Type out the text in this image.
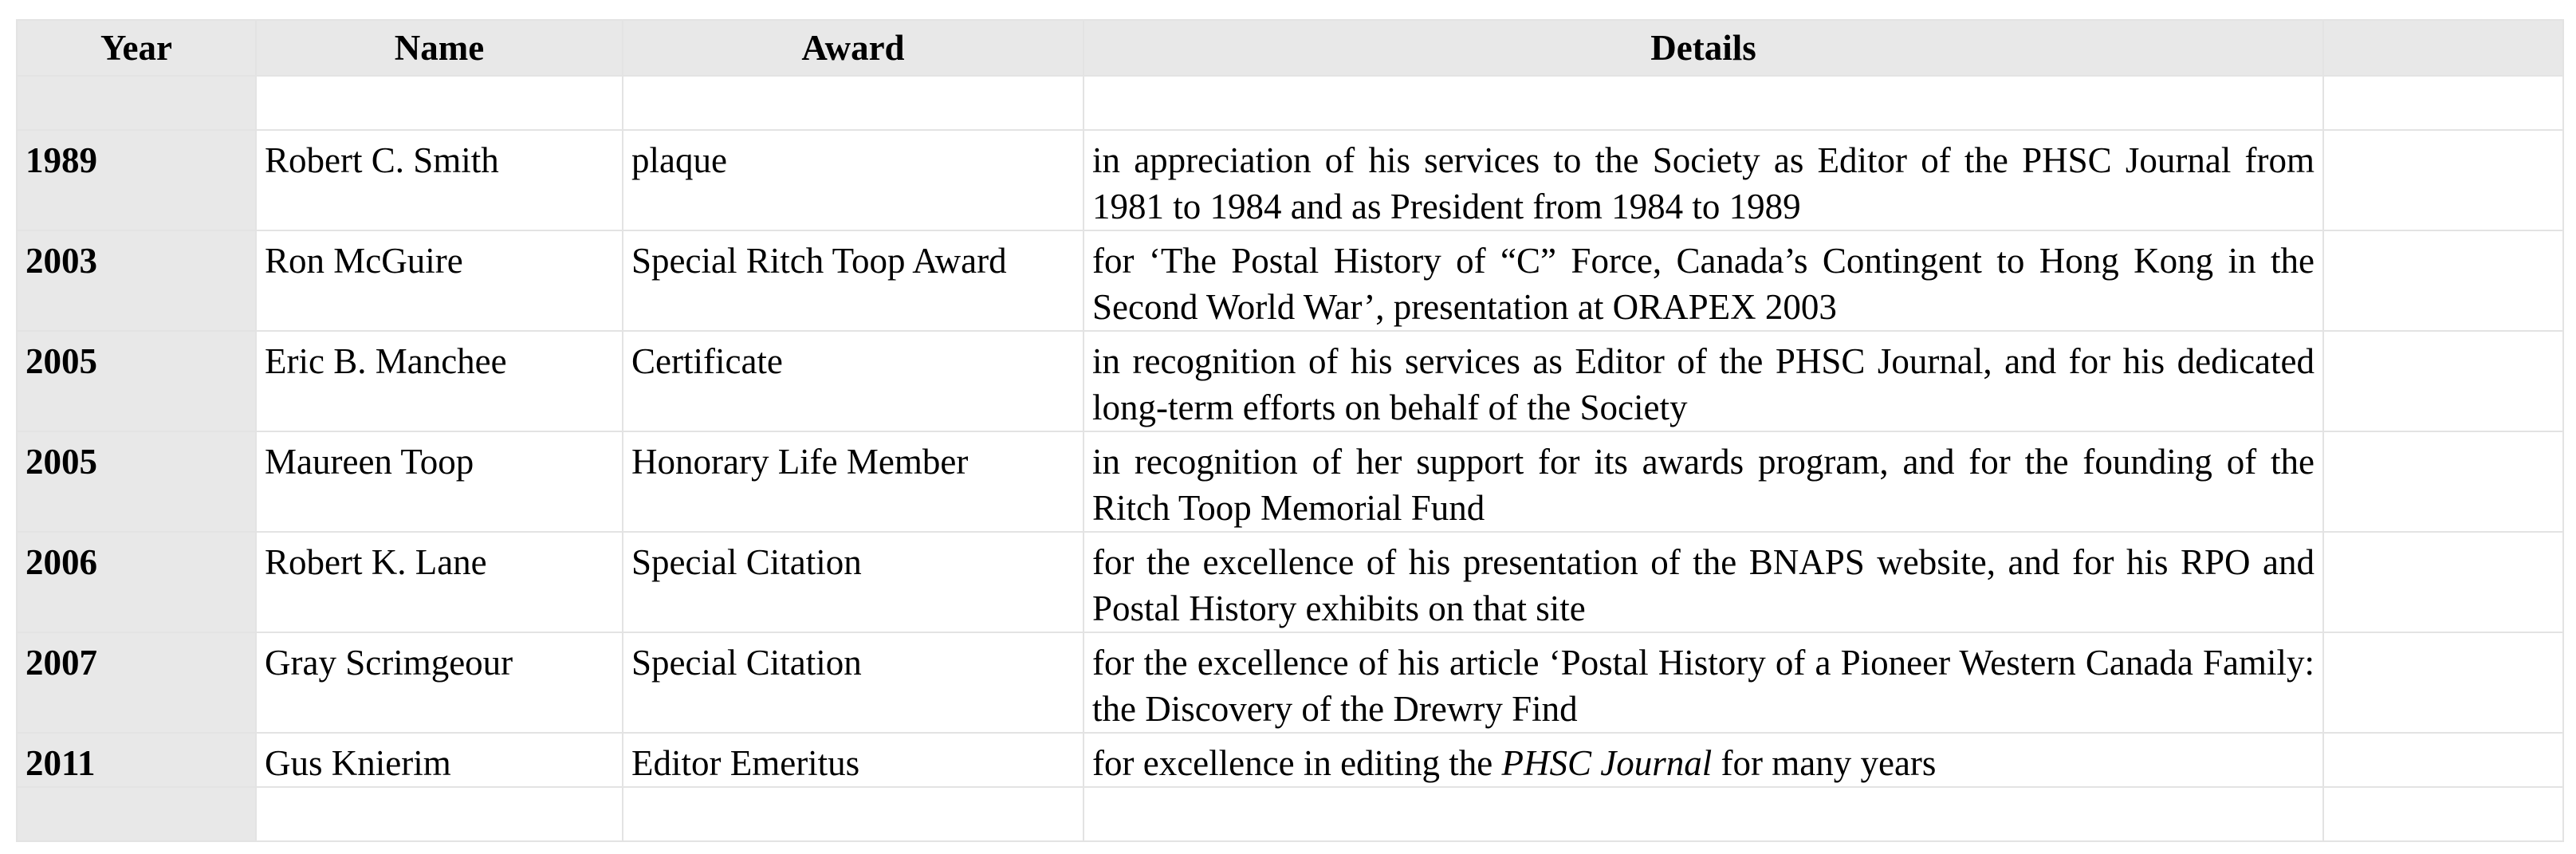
Year	Name	Award	Details	

1989	Robert C. Smith	plaque	in appreciation of his services to the Society as Editor of the PHSC Journal from 1981 to 1984 and as President from 1984 to 1989	
2003	Ron McGuire	Special Ritch Toop Award	for ‘The Postal History of “C” Force, Canada’s Contingent to Hong Kong in the Second World War’, presentation at ORAPEX 2003	
2005	Eric B. Manchee	Certificate	in recognition of his services as Editor of the PHSC Journal, and for his dedicated long-term efforts on behalf of the Society	
2005	Maureen Toop	Honorary Life Member	in recognition of her support for its awards program, and for the founding of the Ritch Toop Memorial Fund	
2006	Robert K. Lane	Special Citation	for the excellence of his presentation of the BNAPS website, and for his RPO and Postal History exhibits on that site	
2007	Gray Scrimgeour	Special Citation	for the excellence of his article ‘Postal History of a Pioneer Western Canada Family: the Discovery of the Drewry Find	
2011	Gus Knierim	Editor Emeritus	for excellence in editing the PHSC Journal for many years	
